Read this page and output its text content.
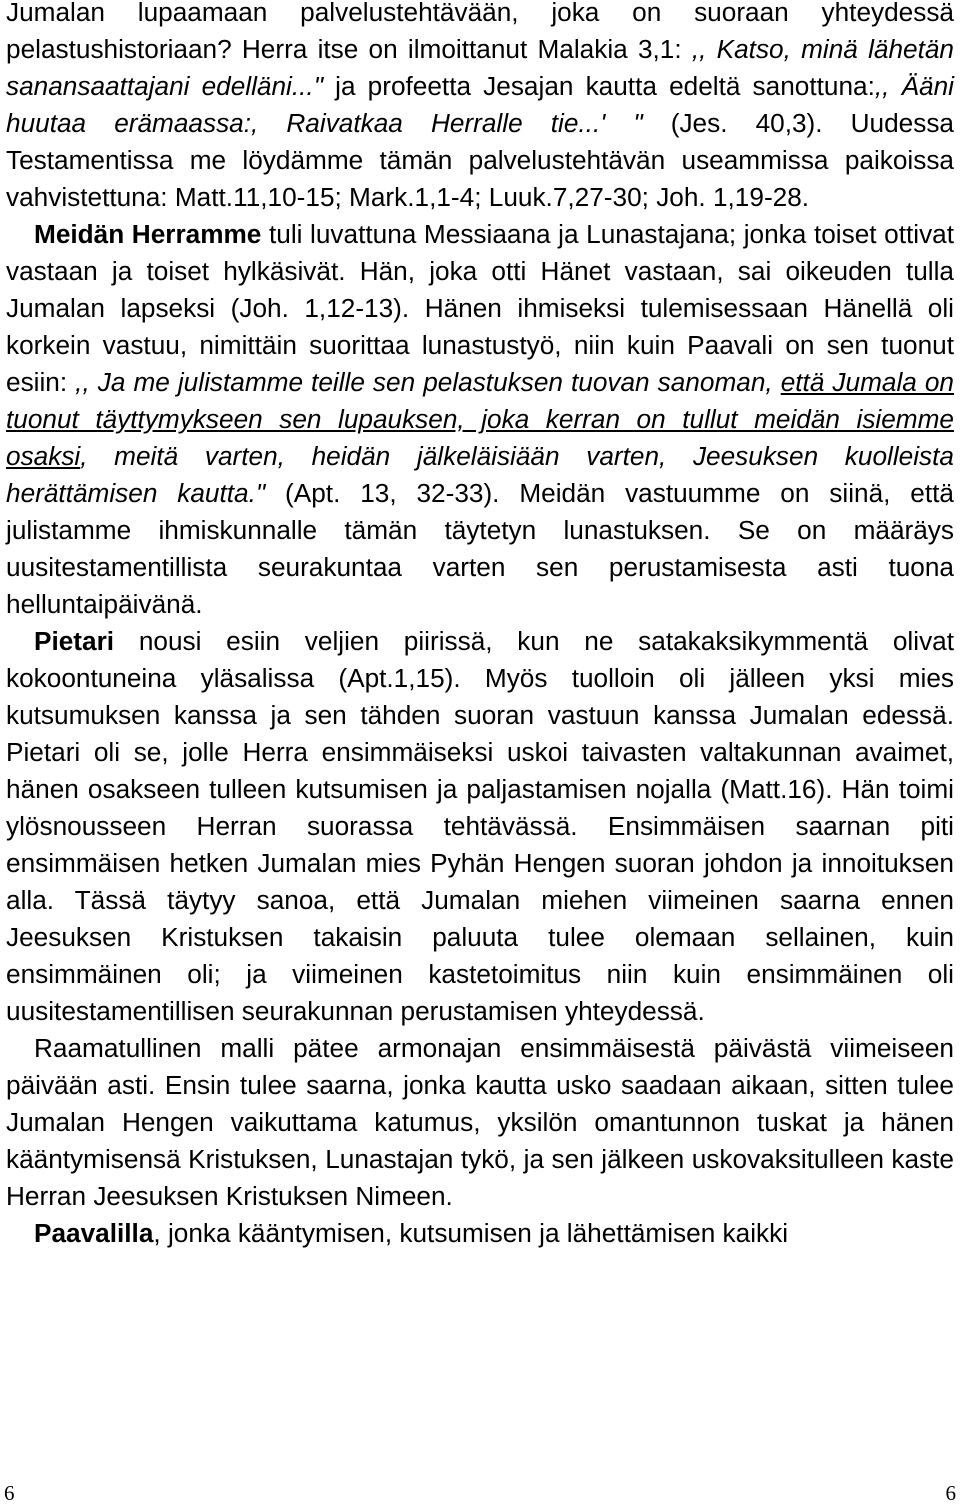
Jumalan lupaamaan palvelustehtävään, joka on suoraan yhteydessä pelastushistoriaan? Herra itse on ilmoittanut Malakia 3,1: ,, Katso, minä lähetän sanansaattajani edelläni..." ja profeetta Jesajan kautta edeltä sanottuna:,, Ääni huutaa erämaassa:, Raivatkaa Herralle tie...' " (Jes. 40,3). Uudessa Testamentissa me löydämme tämän palvelustehtävän useammissa paikoissa vahvistettuna: Matt.11,10-15; Mark.1,1-4; Luuk.7,27-30; Joh. 1,19-28.

Meidän Herramme tuli luvattuna Messiaana ja Lunastajana; jonka toiset ottivat vastaan ja toiset hylkäsivät. Hän, joka otti Hänet vastaan, sai oikeuden tulla Jumalan lapseksi (Joh. 1,12-13). Hänen ihmiseksi tulemisessaan Hänellä oli korkein vastuu, nimittäin suorittaa lunastustyö, niin kuin Paavali on sen tuonut esiin: ,, Ja me julistamme teille sen pelastuksen tuovan sanoman, että Jumala on tuonut täyttymykseen sen lupauksen, joka kerran on tullut meidän isiemme osaksi, meitä varten, heidän jälkeläisiään varten, Jeesuksen kuolleista herättämisen kautta." (Apt. 13, 32-33). Meidän vastuumme on siinä, että julistamme ihmiskunnalle tämän täytetyn lunastuksen. Se on määräys uusitestamentillista seurakuntaa varten sen perustamisesta asti tuona helluntaipäivänä.

Pietari nousi esiin veljien piirissä, kun ne satakaksikymmentä olivat kokoontuneina yläsalissa (Apt.1,15). Myös tuolloin oli jälleen yksi mies kutsumuksen kanssa ja sen tähden suoran vastuun kanssa Jumalan edessä. Pietari oli se, jolle Herra ensimmäiseksi uskoi taivasten valtakunnan avaimet, hänen osakseen tulleen kutsumisen ja paljastamisen nojalla (Matt.16). Hän toimi ylösnousseen Herran suorassa tehtävässä. Ensimmäisen saarnan piti ensimmäisen hetken Jumalan mies Pyhän Hengen suoran johdon ja innoituksen alla. Tässä täytyy sanoa, että Jumalan miehen viimeinen saarna ennen Jeesuksen Kristuksen takaisin paluuta tulee olemaan sellainen, kuin ensimmäinen oli; ja viimeinen kastetoimitus niin kuin ensimmäinen oli uusitestamentillisen seurakunnan perustamisen yhteydessä.

Raamatullinen malli pätee armonajan ensimmäisestä päivästä viimeiseen päivään asti. Ensin tulee saarna, jonka kautta usko saadaan aikaan, sitten tulee Jumalan Hengen vaikuttama katumus, yksilön omantunnon tuskat ja hänen kääntymisensä Kristuksen, Lunastajan tykö, ja sen jälkeen uskovaksitulleen kaste Herran Jeesuksen Kristuksen Nimeen.

Paavalilla, jonka kääntymisen, kutsumisen ja lähettämisen kaikki

6	6
